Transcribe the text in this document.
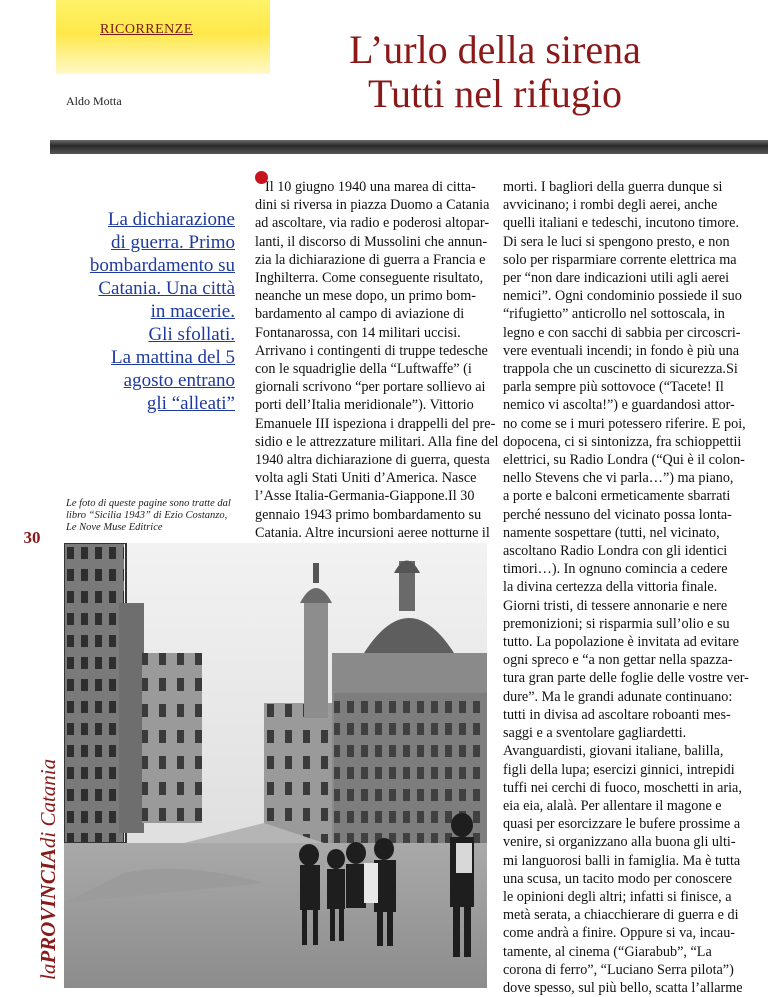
RICORRENZE
Aldo Motta
L’urlo della sirena
Tutti nel rifugio

La dichiarazione
di guerra. Primo
bombardamento su
Catania. Una città
in macerie.
Gli sfollati.
La mattina del 5
agosto entrano
gli “alleati”

Le foto di queste pagine sono tratte dal
libro “Sicilia 1943” di Ezio Costanzo,
Le Nove Muse Editrice
30
laPROVINCIAdi Catania
Il 10 giugno 1940 una marea di citta-
dini si riversa in piazza Duomo a Catania
ad ascoltare, via radio e poderosi altopar-
lanti, il discorso di Mussolini che annun-
zia la dichiarazione di guerra a Francia e
Inghilterra. Come conseguente risultato,
neanche un mese dopo, un primo bom-
bardamento al campo di aviazione di
Fontanarossa, con 14 militari uccisi.
Arrivano i contingenti di truppe tedesche
con le squadriglie della “Luftwaffe” (i
giornali scrivono “per portare sollievo ai
porti dell’Italia meridionale”). Vittorio
Emanuele III ispeziona i drappelli del pre-
sidio e le attrezzature militari. Alla fine del
1940 altra dichiarazione di guerra, questa
volta agli Stati Uniti d’America. Nasce
l’Asse Italia-Germania-Giappone.Il 30
gennaio 1943 primo bombardamento su
Catania. Altre incursioni aeree notturne il
morti. I bagliori della guerra dunque si
avvicinano; i rombi degli aerei, anche
quelli italiani e tedeschi, incutono timore.
Di sera le luci si spengono presto, e non
solo per risparmiare corrente elettrica ma
per “non dare indicazioni utili agli aerei
nemici”. Ogni condominio possiede il suo
“rifugietto” anticrollo nel sottoscala, in
legno e con sacchi di sabbia per circoscri-
vere eventuali incendi; in fondo è più una
trappola che un cuscinetto di sicurezza.Si
parla sempre più sottovoce (“Tacete! Il
nemico vi ascolta!”) e guardandosi attor-
no come se i muri potessero riferire. E poi,
dopocena, ci si sintonizza, fra schioppettii
elettrici, su Radio Londra (“Qui è il colon-
nello Stevens che vi parla…”) ma piano,
a porte e balconi ermeticamente sbarrati
perché nessuno del vicinato possa lonta-
namente sospettare (tutti, nel vicinato,
ascoltano Radio Londra con gli identici
timori…). In ognuno comincia a cedere
la divina certezza della vittoria finale.
Giorni tristi, di tessere annonarie e nere
premonizioni; si risparmia sull’olio e su
tutto. La popolazione è invitata ad evitare
ogni spreco e “a non gettar nella spazza-
tura gran parte delle foglie delle vostre ver-
dure”. Ma le grandi adunate continuano:
tutti in divisa ad ascoltare roboanti mes-
saggi e a sventolare gagliardetti.
Avanguardisti, giovani italiane, balilla,
figli della lupa; esercizi ginnici, intrepidi
tuffi nei cerchi di fuoco, moschetti in aria,
eia eia, alalà. Per allentare il magone e
quasi per esorcizzare le bufere prossime a
venire, si organizzano alla buona gli ulti-
mi languorosi balli in famiglia. Ma è tutta
una scusa, un tacito modo per conoscere
le opinioni degli altri; infatti si finisce, a
metà serata, a chiacchierare di guerra e di
come andrà a finire. Oppure si va, incau-
tamente, al cinema (“Giarabub”, “La
corona di ferro”, “Luciano Serra pilota”)
dove spesso, sul più bello, scatta l’allarme
